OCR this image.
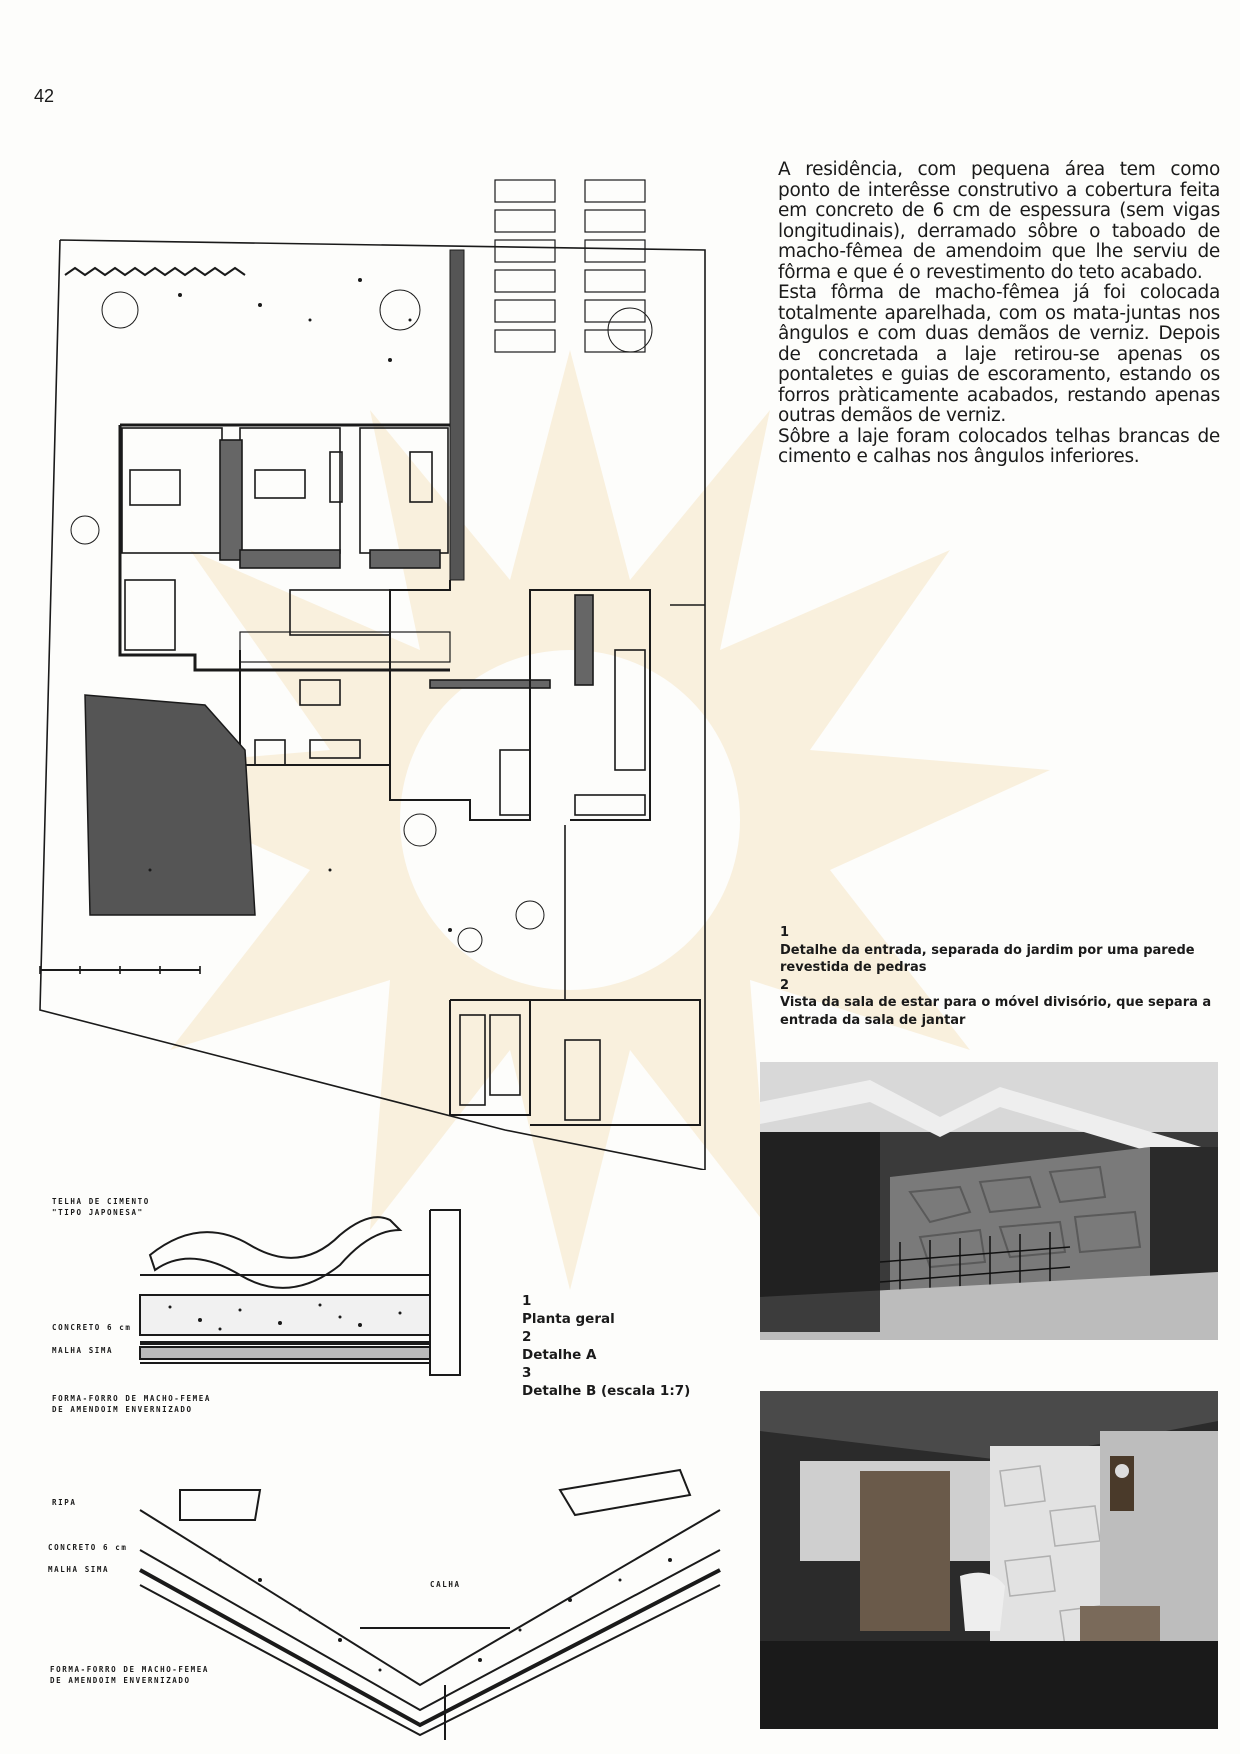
42
TELHA DE CIMENTO
"TIPO JAPONESA"
CONCRETO 6 cm
MALHA SIMA
FORMA-FORRO DE MACHO-FEMEA
DE AMENDOIM ENVERNIZADO
RIPA
CONCRETO 6 cm
MALHA SIMA
CALHA
FORMA-FORRO DE MACHO-FEMEA
DE AMENDOIM ENVERNIZADO

A residência, com pequena área tem como ponto de interêsse construtivo a cobertura feita em concreto de 6 cm de espessura (sem vigas longitudinais), derramado sôbre o taboado de macho-fêmea de amendoim que lhe serviu de fôrma e que é o revestimento do teto acabado.

Esta fôrma de macho-fêmea já foi colocada totalmente aparelhada, com os mata-juntas nos ângulos e com duas demãos de verniz. Depois de concretada a laje retirou-se apenas os pontaletes e guias de escoramento, estando os forros pràticamente acabados, restando apenas outras demãos de verniz.

Sôbre a laje foram colocados telhas brancas de cimento e calhas nos ângulos inferiores.

1
Detalhe da entrada, separada do jardim por uma parede revestida de pedras
2
Vista da sala de estar para o móvel divisório, que separa a entrada da sala de jantar
1
Planta geral
2
Detalhe A
3
Detalhe B (escala 1:7)
